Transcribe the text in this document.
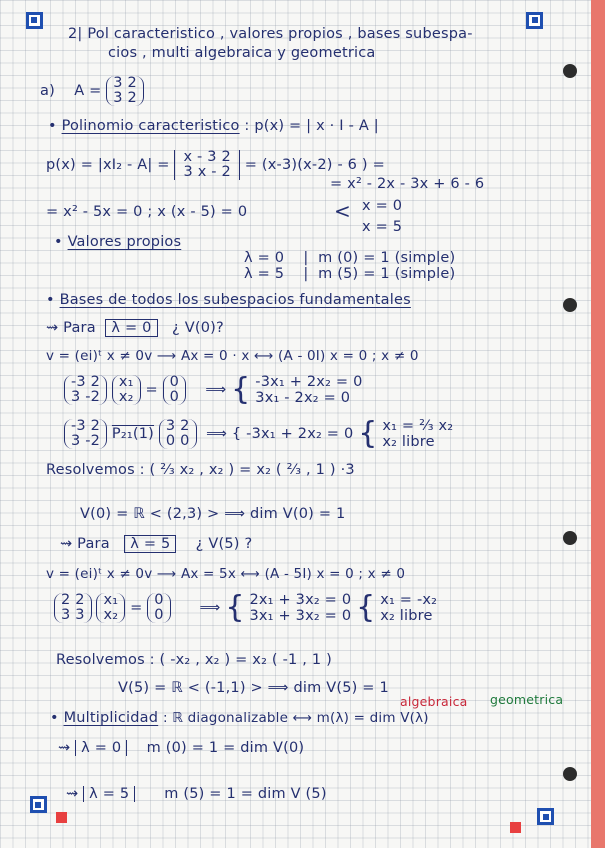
2| Pol caracteristico , valores propios , bases subespa-
cios , multi algebraica y geometrica
a) A = 3 2
3 2
• Polinomio caracteristico : p(x) = | x · I - A |
p(x) = |xI₂ - A| = x - 3 2
3 x - 2 = (x-3)(x-2) - 6 ) =
= x² - 2x - 3x + 6 - 6
= x² - 5x = 0 ; x (x - 5) = 0	< x = 0
x = 5
• Valores propios
λ = 0    |  m (0) = 1 (simple)
λ = 5    |  m (5) = 1 (simple)
• Bases de todos los subespacios fundamentales
⇝ Para λ = 0 ¿ V(0)?
v = (ei)ᵗ x ≠ 0v ⟶ Ax = 0 · x ⟷ (A - 0I) x = 0 ; x ≠ 0
-3 2
3 -2 x₁
x₂ = 0
0    ⟹ { -3x₁ + 2x₂ = 0
3x₁ - 2x₂ = 0
-3 2
3 -2 P₂₁(1) 3 2
0 0  ⟹ { -3x₁ + 2x₂ = 0 { x₁ = ²⁄₃ x₂
x₂ libre
Resolvemos : ( ²⁄₃ x₂ , x₂ ) = x₂ ( ²⁄₃ , 1 ) ·3
V(0) = ℝ < (2,3) > ⟹ dim V(0) = 1
⇝ Para λ = 5 ¿ V(5) ?
v = (ei)ᵗ x ≠ 0v ⟶ Ax = 5x ⟷ (A - 5I) x = 0 ; x ≠ 0
2 2
3 3 x₁
x₂ = 0
0      ⟹ { 2x₁ + 3x₂ = 0
3x₁ + 3x₂ = 0 { x₁ = -x₂
x₂ libre
Resolvemos : ( -x₂ , x₂ ) = x₂ ( -1 , 1 )
V(5) = ℝ < (-1,1) > ⟹ dim V(5) = 1
algebraica geometrica
• Multiplicidad : ℝ diagonalizable ⟷ m(λ) = dim V(λ)
⇝ λ = 0 m (0) = 1 = dim V(0)
⇝ λ = 5 m (5) = 1 = dim V (5)
